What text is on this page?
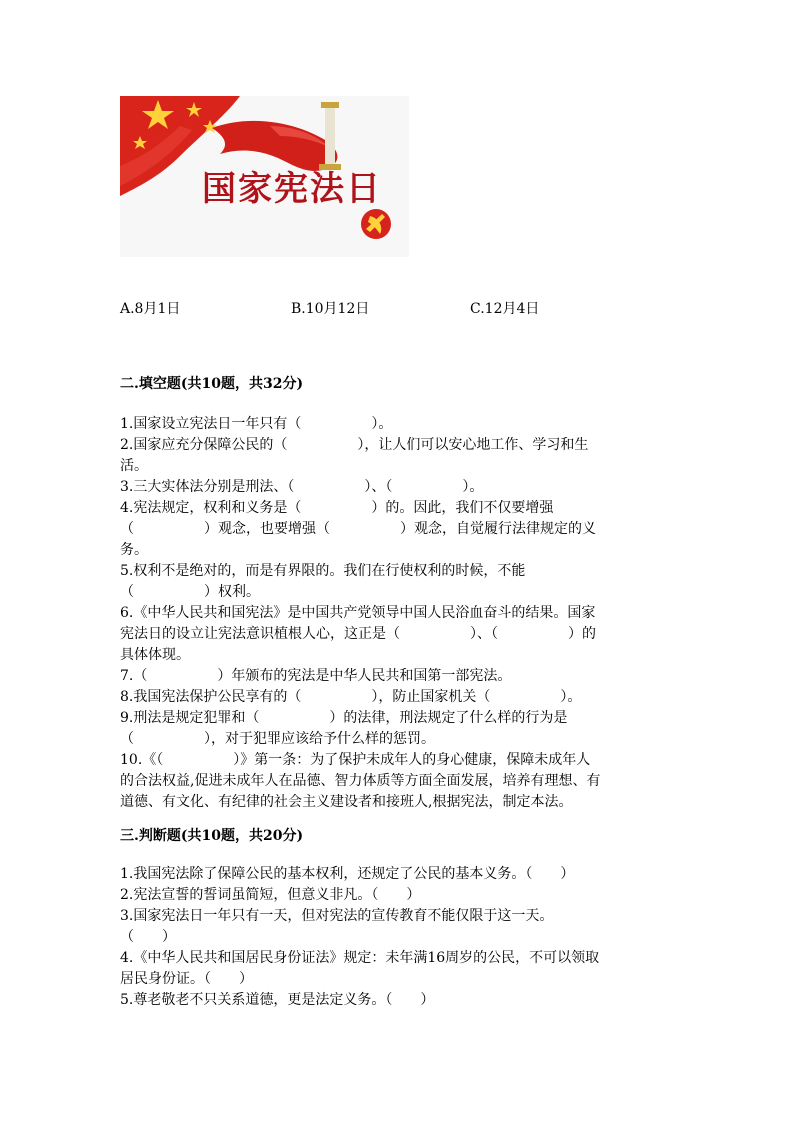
国家宪法日
A.8月1日	B.10月12日	C.12月4日
二.填空题(共10题，共32分)
1.国家设立宪法日一年只有（　　　　　）。
2.国家应充分保障公民的（　　　　　），让人们可以安心地工作、学习和生
活。
3.三大实体法分别是刑法、（　　　　　）、（　　　　　）。
4.宪法规定，权利和义务是（　　　　　）的。因此，我们不仅要增强
（　　　　　）观念，也要增强（　　　　　）观念，自觉履行法律规定的义
务。
5.权利不是绝对的，而是有界限的。我们在行使权利的时候，不能
（　　　　　）权利。
6.《中华人民共和国宪法》是中国共产党领导中国人民浴血奋斗的结果。国家
宪法日的设立让宪法意识植根人心，这正是（　　　　　）、（　　　　　）的
具体体现。
7.（　　　　　）年颁布的宪法是中华人民共和国第一部宪法。
8.我国宪法保护公民享有的（　　　　　），防止国家机关（　　　　　）。
9.刑法是规定犯罪和（　　　　　）的法律，刑法规定了什么样的行为是
（　　　　　），对于犯罪应该给予什么样的惩罚。
10.《（　　　　　）》第一条：为了保护未成年人的身心健康，保障未成年人
的合法权益,促进未成年人在品德、智力体质等方面全面发展，培养有理想、有
道德、有文化、有纪律的社会主义建设者和接班人,根据宪法，制定本法。
三.判断题(共10题，共20分)
1.我国宪法除了保障公民的基本权利，还规定了公民的基本义务。（　　）
2.宪法宣誓的誓词虽简短，但意义非凡。（　　）
3.国家宪法日一年只有一天，但对宪法的宣传教育不能仅限于这一天。
（　　）
4.《中华人民共和国居民身份证法》规定：未年满16周岁的公民，不可以领取
居民身份证。（　　）
5.尊老敬老不只关系道德，更是法定义务。（　　）
